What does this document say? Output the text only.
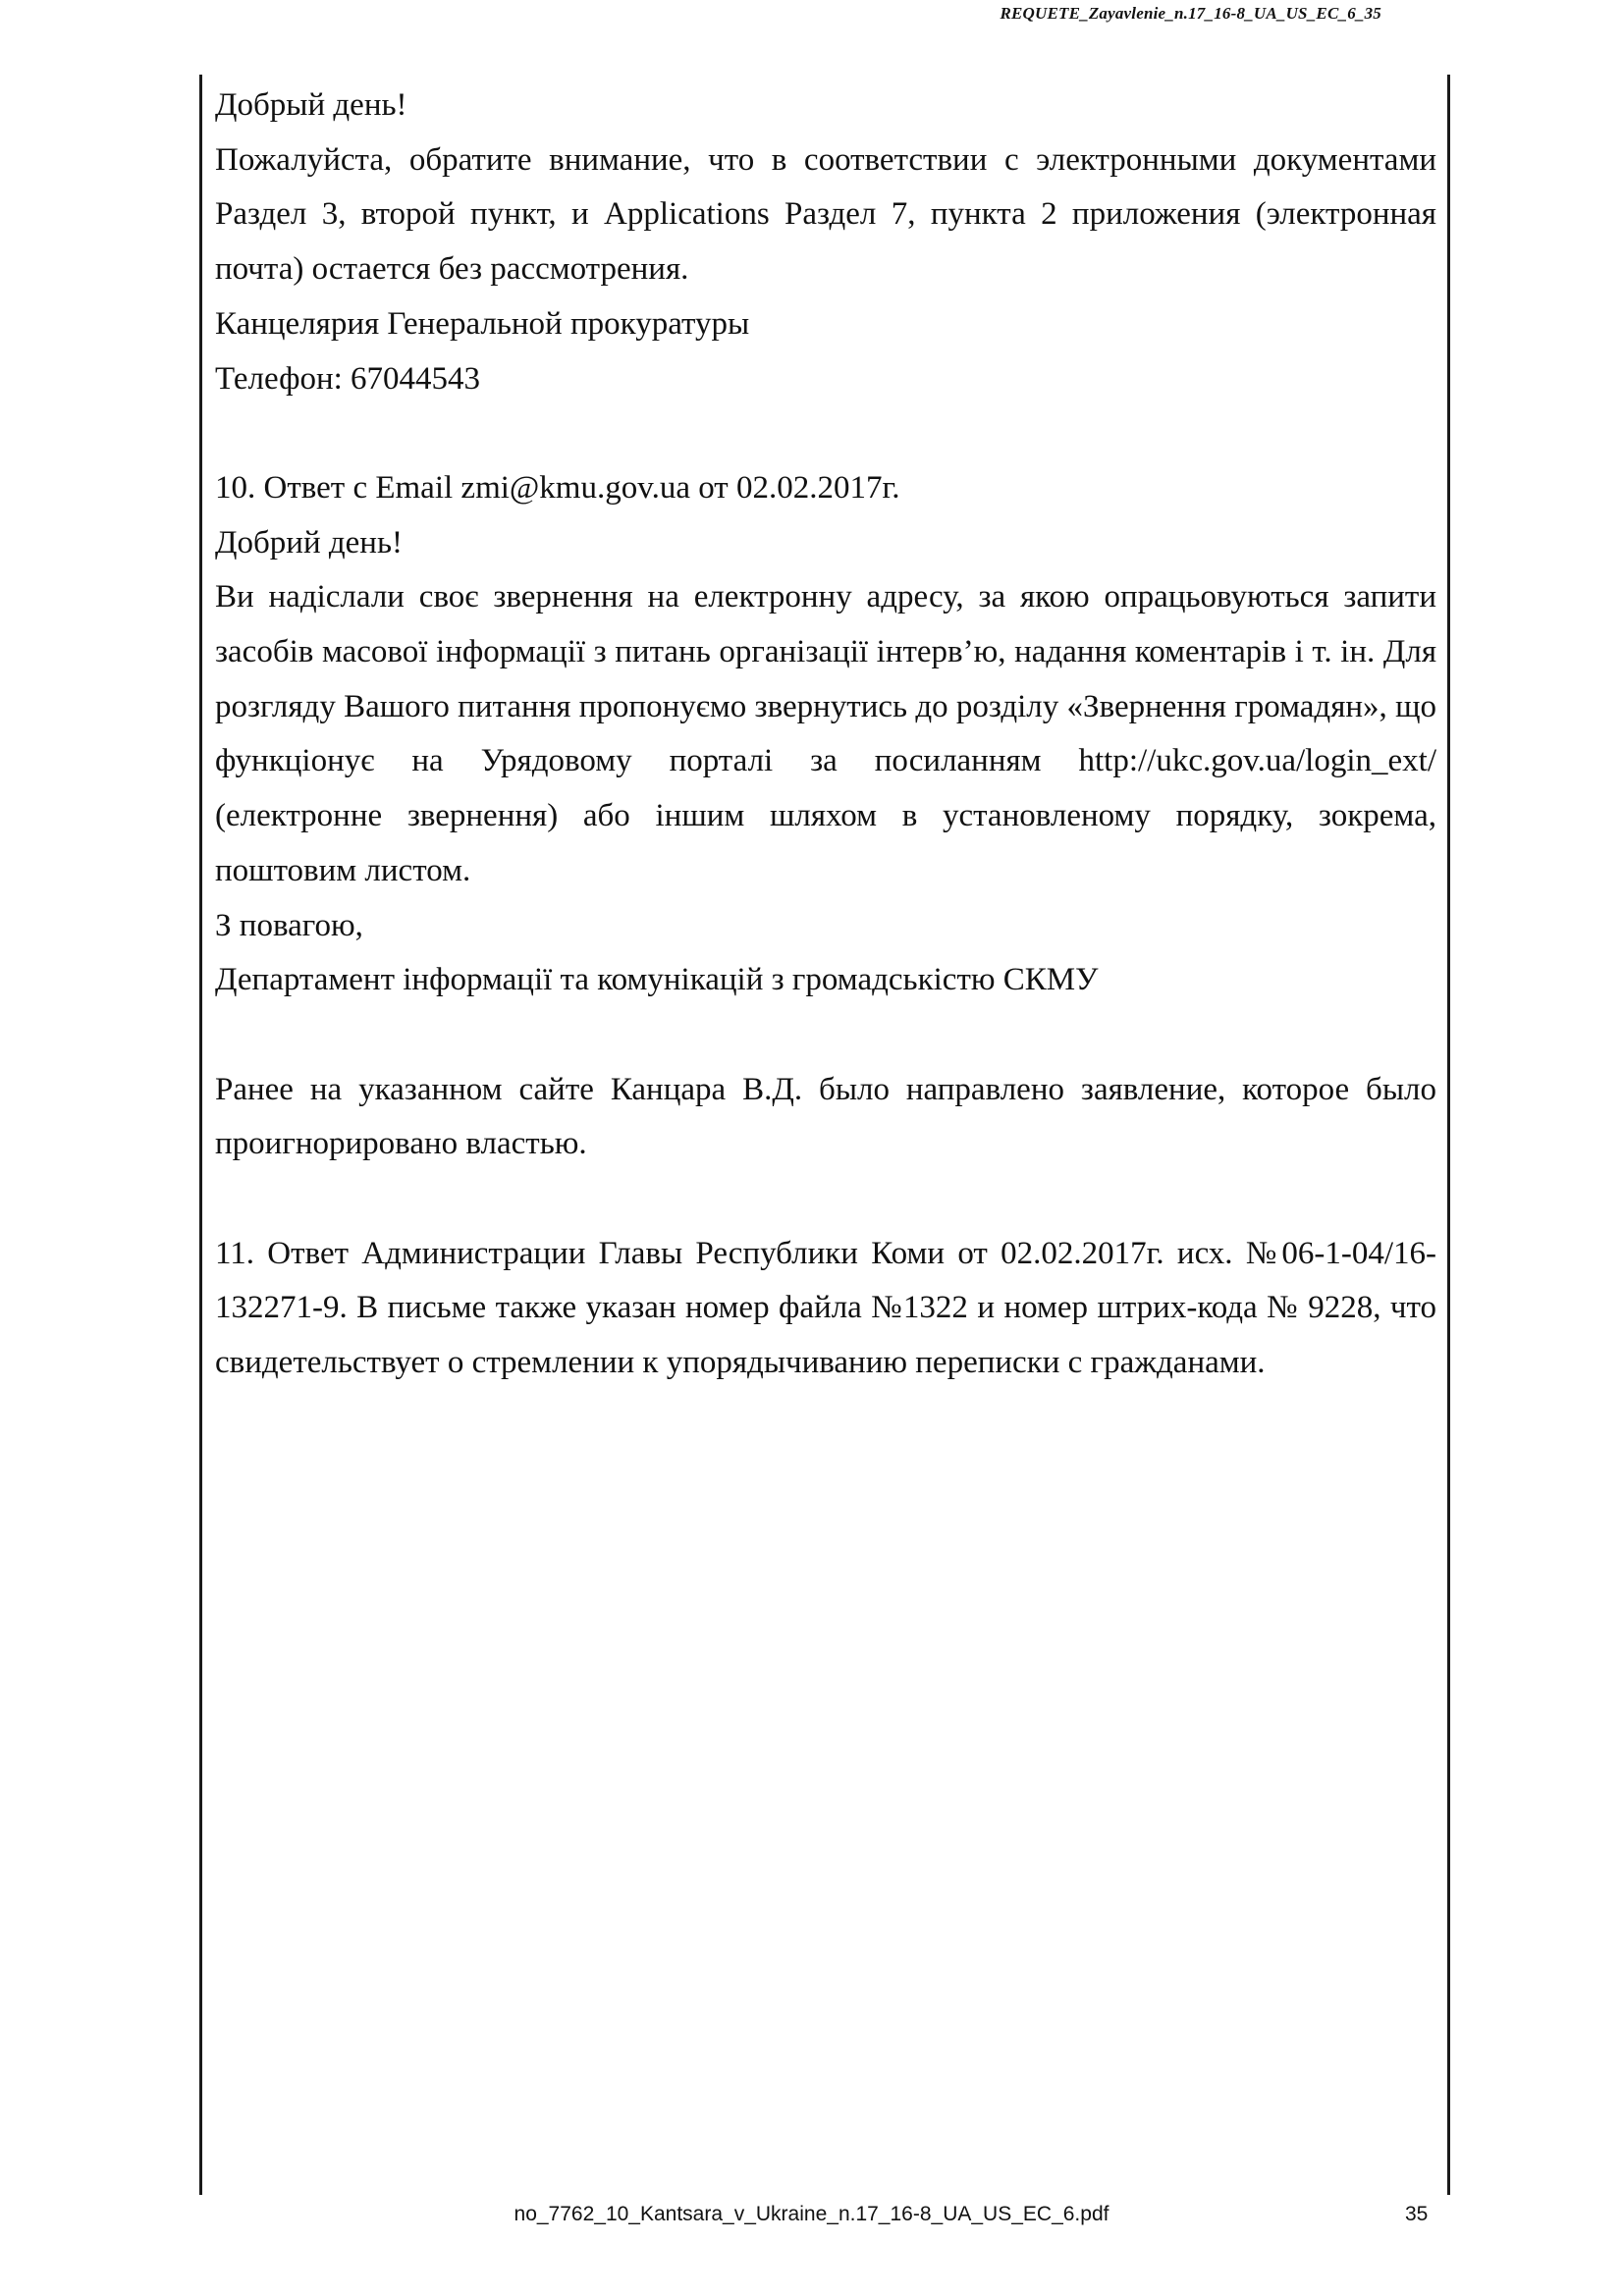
REQUETE_Zayavlenie_n.17_16-8_UA_US_EC_6_35

Добрый день!

Пожалуйста, обратите внимание, что в соответствии с электронными документами Раздел 3, второй пункт, и Applications Раздел 7, пункта 2 приложения (электронная почта) остается без рассмотрения.

Канцелярия Генеральной прокуратуры

Телефон: 67044543

10. Ответ с Email zmi@kmu.gov.ua от 02.02.2017г.

Добрий день!

Ви надіслали своє звернення на електронну адресу, за якою опрацьовуються запити засобів масової інформації з питань організації інтерв’ю, надання коментарів і т. ін. Для розгляду Вашого питання пропонуємо звернутись до розділу «Звернення громадян», що функціонує на Урядовому порталі за посиланням http://ukc.gov.ua/login_ext/ (електронне звернення) або іншим шляхом в установленому порядку, зокрема, поштовим листом.

З повагою,

Департамент інформації та комунікацій з громадськістю СКМУ

Ранее на указанном сайте Канцара В.Д. было направлено заявление, которое было проигнорировано властью.

11. Ответ Администрации Главы Республики Коми от 02.02.2017г. исх. №06-1-04/16-132271-9. В письме также указан номер файла №1322 и номер штрих-кода № 9228, что свидетельствует о стремлении к упорядычиванию переписки с гражданами.

no_7762_10_Kantsara_v_Ukraine_n.17_16-8_UA_US_EC_6.pdf	35
